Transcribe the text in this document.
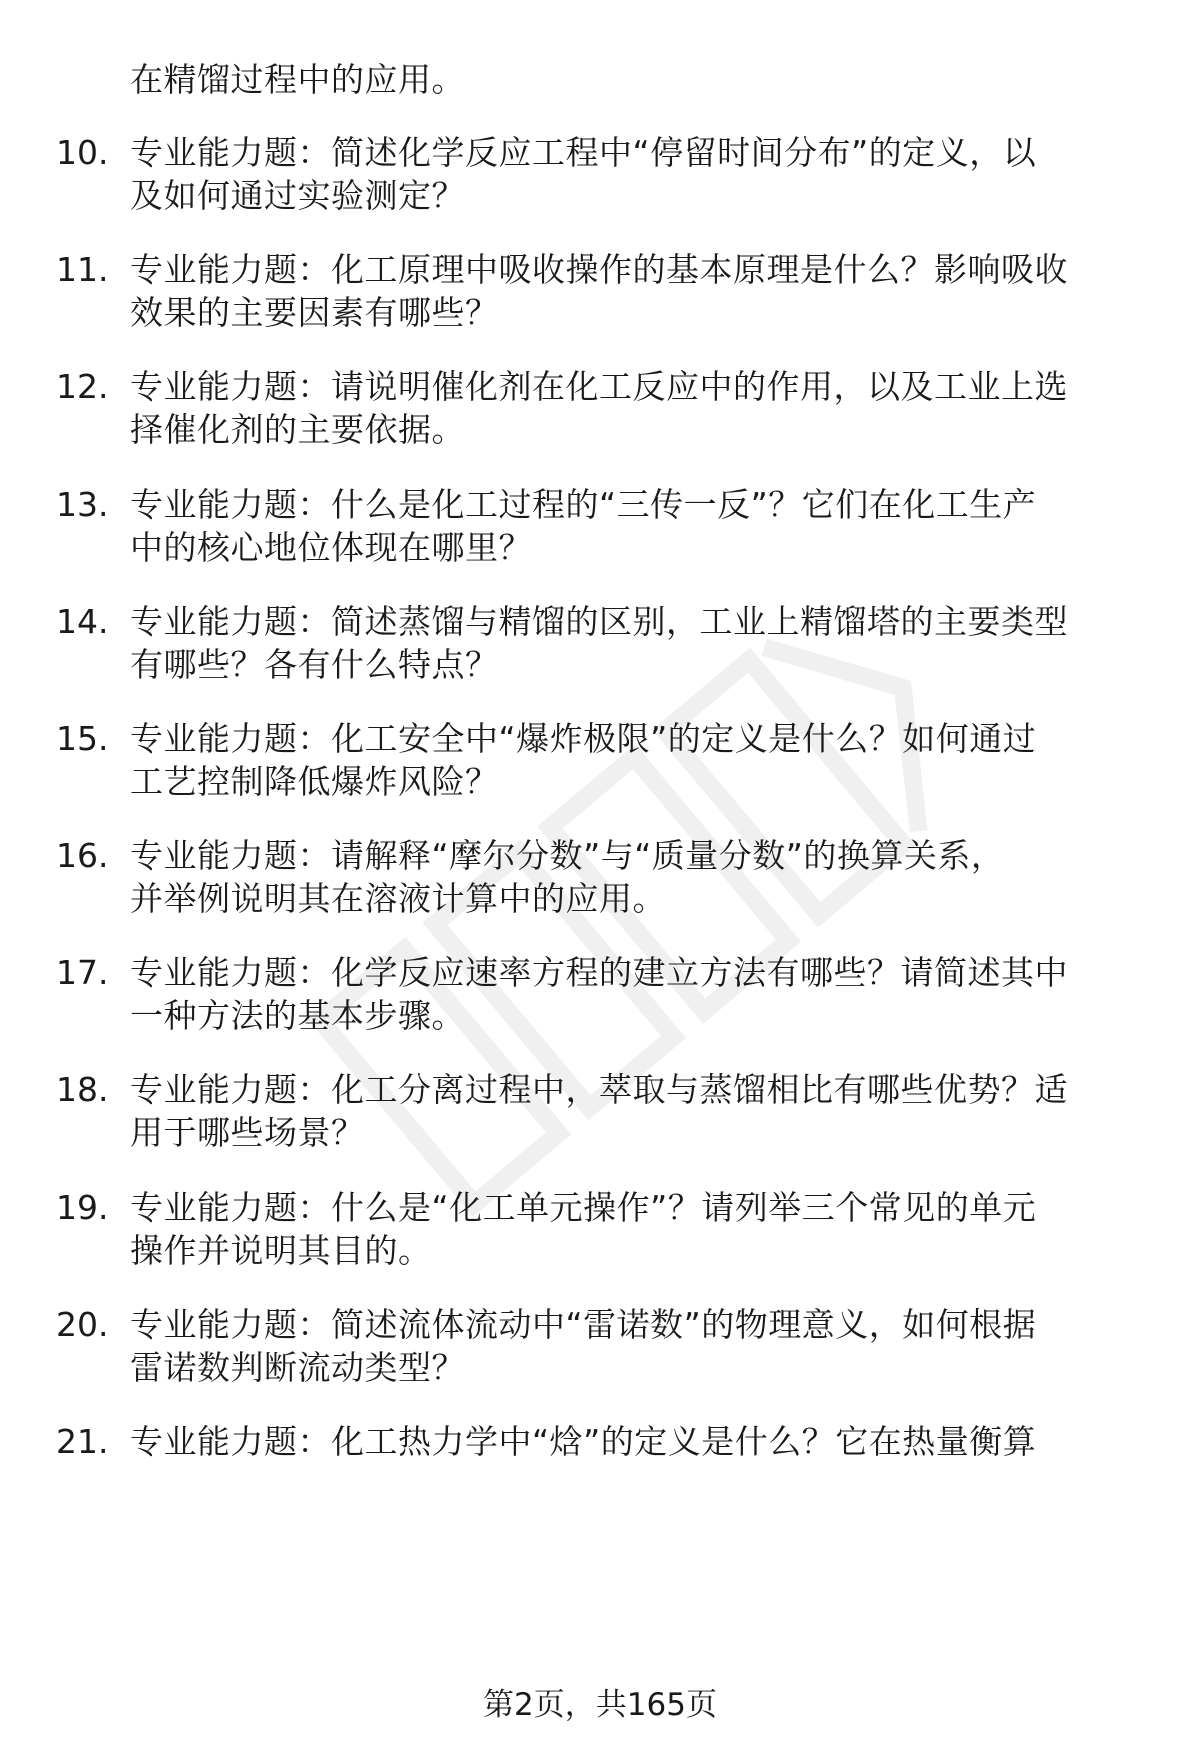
在精馏过程中的应用。
10. 专业能力题：简述化学反应工程中“停留时间分布”的定义，以
及如何通过实验测定？
11. 专业能力题：化工原理中吸收操作的基本原理是什么？影响吸收
效果的主要因素有哪些？
12. 专业能力题：请说明催化剂在化工反应中的作用，以及工业上选
择催化剂的主要依据。
13. 专业能力题：什么是化工过程的“三传一反”？它们在化工生产
中的核心地位体现在哪里？
14. 专业能力题：简述蒸馏与精馏的区别，工业上精馏塔的主要类型
有哪些？各有什么特点？
15. 专业能力题：化工安全中“爆炸极限”的定义是什么？如何通过
工艺控制降低爆炸风险？
16. 专业能力题：请解释“摩尔分数”与“质量分数”的换算关系，
并举例说明其在溶液计算中的应用。
17. 专业能力题：化学反应速率方程的建立方法有哪些？请简述其中
一种方法的基本步骤。
18. 专业能力题：化工分离过程中，萃取与蒸馏相比有哪些优势？适
用于哪些场景？
19. 专业能力题：什么是“化工单元操作”？请列举三个常见的单元
操作并说明其目的。
20. 专业能力题：简述流体流动中“雷诺数”的物理意义，如何根据
雷诺数判断流动类型？
21. 专业能力题：化工热力学中“焓”的定义是什么？它在热量衡算
第2页，共165页
